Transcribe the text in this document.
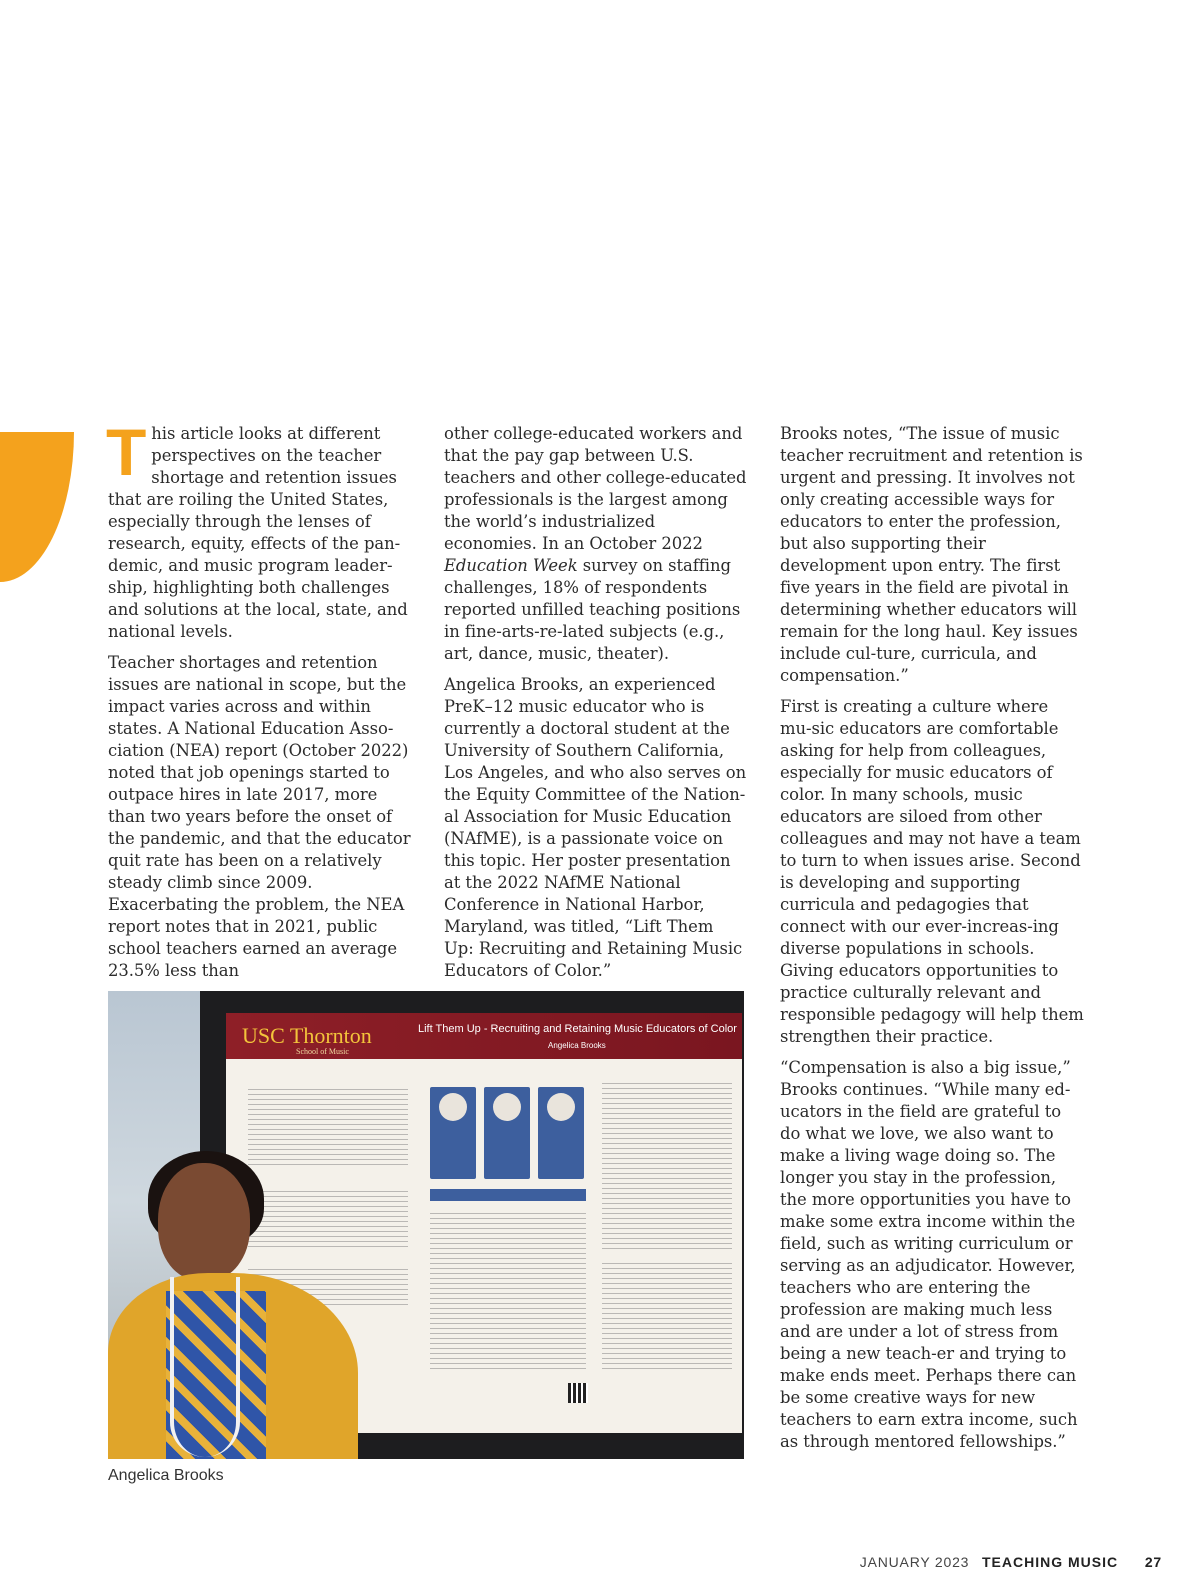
This article looks at different perspectives on the teacher shortage and retention issues that are roiling the United States, especially through the lenses of research, equity, effects of the pan-demic, and music program leader-ship, highlighting both challenges and solutions at the local, state, and national levels.

Teacher shortages and retention issues are national in scope, but the impact varies across and within states. A National Education Asso-ciation (NEA) report (October 2022) noted that job openings started to outpace hires in late 2017, more than two years before the onset of the pandemic, and that the educator quit rate has been on a relatively steady climb since 2009. Exacerbating the problem, the NEA report notes that in 2021, public school teachers earned an average 23.5% less than

other college-educated workers and that the pay gap between U.S. teachers and other college-educated professionals is the largest among the world’s industrialized economies. In an October 2022 Education Week survey on staffing challenges, 18% of respondents reported unfilled teaching positions in fine-arts-re-lated subjects (e.g., art, dance, music, theater).

Angelica Brooks, an experienced PreK–12 music educator who is currently a doctoral student at the University of Southern California, Los Angeles, and who also serves on the Equity Committee of the Nation-al Association for Music Education (NAfME), is a passionate voice on this topic. Her poster presentation at the 2022 NAfME National Conference in National Harbor, Maryland, was titled, “Lift Them Up: Recruiting and Retaining Music Educators of Color.”

Brooks notes, “The issue of music teacher recruitment and retention is urgent and pressing. It involves not only creating accessible ways for educators to enter the profession, but also supporting their development upon entry. The first five years in the field are pivotal in determining whether educators will remain for the long haul. Key issues include cul-ture, curricula, and compensation.”

First is creating a culture where mu-sic educators are comfortable asking for help from colleagues, especially for music educators of color. In many schools, music educators are siloed from other colleagues and may not have a team to turn to when issues arise. Second is developing and supporting curricula and pedagogies that connect with our ever-increas-ing diverse populations in schools. Giving educators opportunities to practice culturally relevant and responsible pedagogy will help them strengthen their practice.

“Compensation is also a big issue,” Brooks continues. “While many ed-ucators in the field are grateful to do what we love, we also want to make a living wage doing so. The longer you stay in the profession, the more opportunities you have to make some extra income within the field, such as writing curriculum or serving as an adjudicator. However, teachers who are entering the profession are making much less and are under a lot of stress from being a new teach-er and trying to make ends meet. Perhaps there can be some creative ways for new teachers to earn extra income, such as through mentored fellowships.”

USC Thornton
School of Music
Lift Them Up - Recruiting and Retaining Music Educators of Color
Angelica Brooks
Angelica Brooks
JANUARY 2023 TEACHING MUSIC 27
